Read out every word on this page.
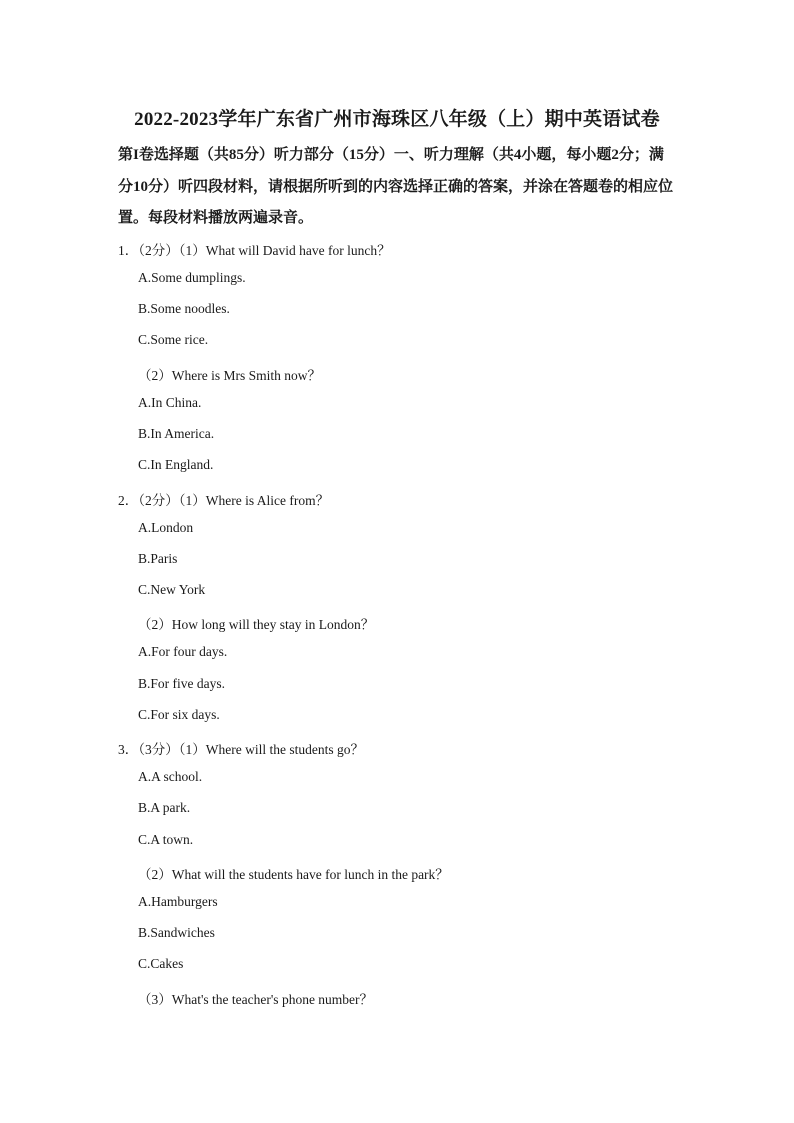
2022-2023学年广东省广州市海珠区八年级（上）期中英语试卷
第I卷选择题（共85分）听力部分（15分）一、听力理解（共4小题，每小题2分；满分10分）听四段材料，请根据所听到的内容选择正确的答案，并涂在答题卷的相应位置。每段材料播放两遍录音。
1．（2分）（1）What will David have for lunch？
A.Some dumplings.
B.Some noodles.
C.Some rice.
（2）Where is Mrs Smith now？
A.In China.
B.In America.
C.In England.
2．（2分）（1）Where is Alice from？
A.London
B.Paris
C.New York
（2）How long will they stay in London？
A.For four days.
B.For five days.
C.For six days.
3．（3分）（1）Where will the students go？
A.A school.
B.A park.
C.A town.
（2）What will the students have for lunch in the park？
A.Hamburgers
B.Sandwiches
C.Cakes
（3）What's the teacher's phone number？
